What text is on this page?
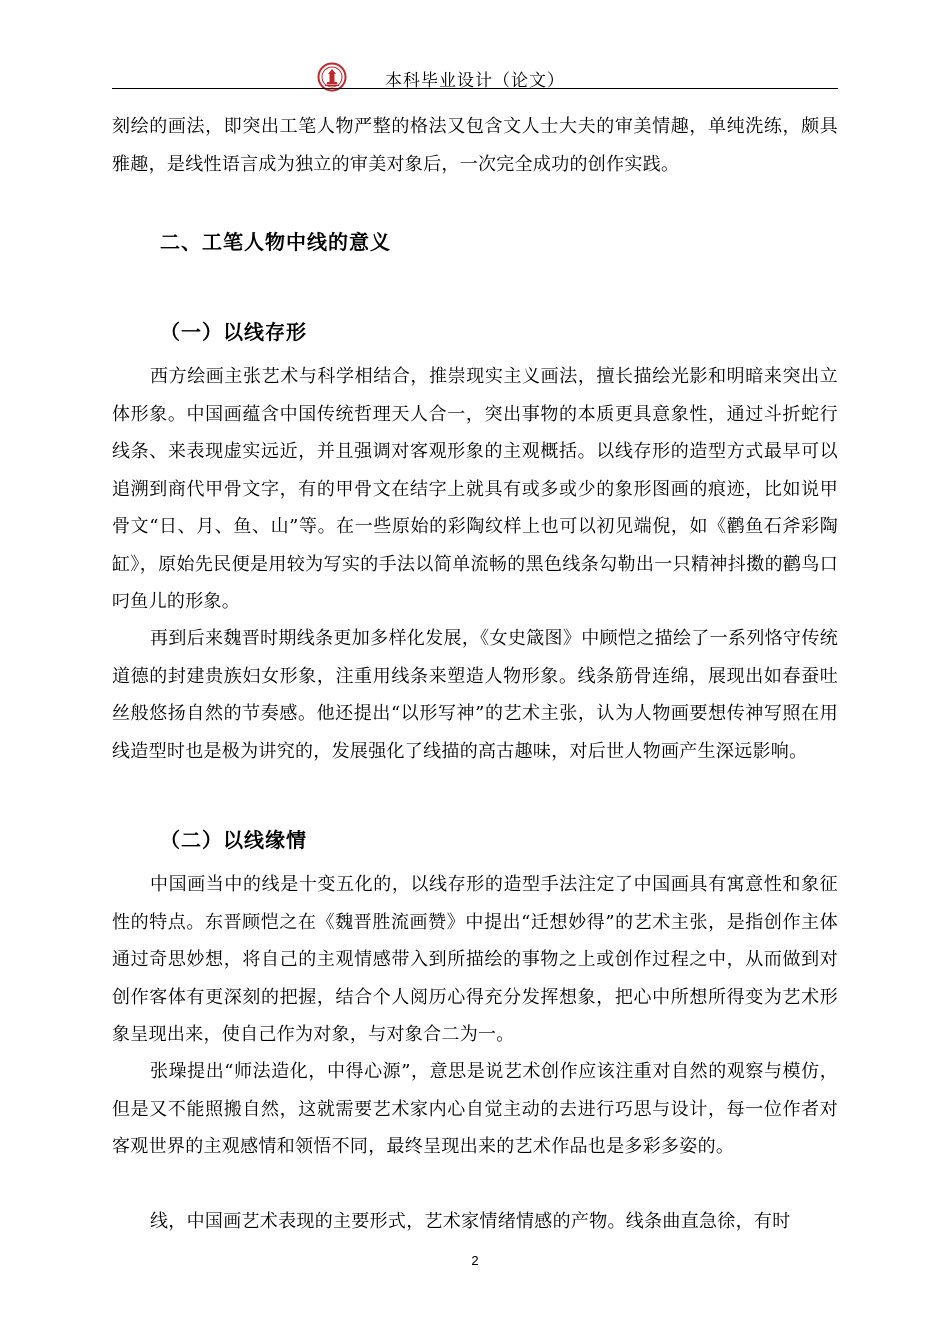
本科毕业设计（论文）

刻绘的画法，即突出工笔人物严整的格法又包含文人士大夫的审美情趣，单纯洗练，颇具雅趣，是线性语言成为独立的审美对象后，一次完全成功的创作实践。

二、工笔人物中线的意义
（一）以线存形

西方绘画主张艺术与科学相结合，推崇现实主义画法，擅长描绘光影和明暗来突出立体形象。中国画蕴含中国传统哲理天人合一，突出事物的本质更具意象性，通过斗折蛇行线条、来表现虚实远近，并且强调对客观形象的主观概括。以线存形的造型方式最早可以追溯到商代甲骨文字，有的甲骨文在结字上就具有或多或少的象形图画的痕迹，比如说甲骨文“日、月、鱼、山”等。在一些原始的彩陶纹样上也可以初见端倪，如《鹳鱼石斧彩陶缸》，原始先民便是用较为写实的手法以简单流畅的黑色线条勾勒出一只精神抖擞的鹳鸟口叼鱼儿的形象。

再到后来魏晋时期线条更加多样化发展，《女史箴图》中顾恺之描绘了一系列恪守传统道德的封建贵族妇女形象，注重用线条来塑造人物形象。线条筋骨连绵，展现出如春蚕吐丝般悠扬自然的节奏感。他还提出“以形写神”的艺术主张，认为人物画要想传神写照在用线造型时也是极为讲究的，发展强化了线描的高古趣味，对后世人物画产生深远影响。

（二）以线缘情

中国画当中的线是十变五化的，以线存形的造型手法注定了中国画具有寓意性和象征性的特点。东晋顾恺之在《魏晋胜流画赞》中提出“迁想妙得”的艺术主张，是指创作主体通过奇思妙想，将自己的主观情感带入到所描绘的事物之上或创作过程之中，从而做到对创作客体有更深刻的把握，结合个人阅历心得充分发挥想象，把心中所想所得变为艺术形象呈现出来，使自己作为对象，与对象合二为一。

张璪提出“师法造化，中得心源”，意思是说艺术创作应该注重对自然的观察与模仿，但是又不能照搬自然，这就需要艺术家内心自觉主动的去进行巧思与设计，每一位作者对客观世界的主观感情和领悟不同，最终呈现出来的艺术作品也是多彩多姿的。

线，中国画艺术表现的主要形式，艺术家情绪情感的产物。线条曲直急徐，有时

2
